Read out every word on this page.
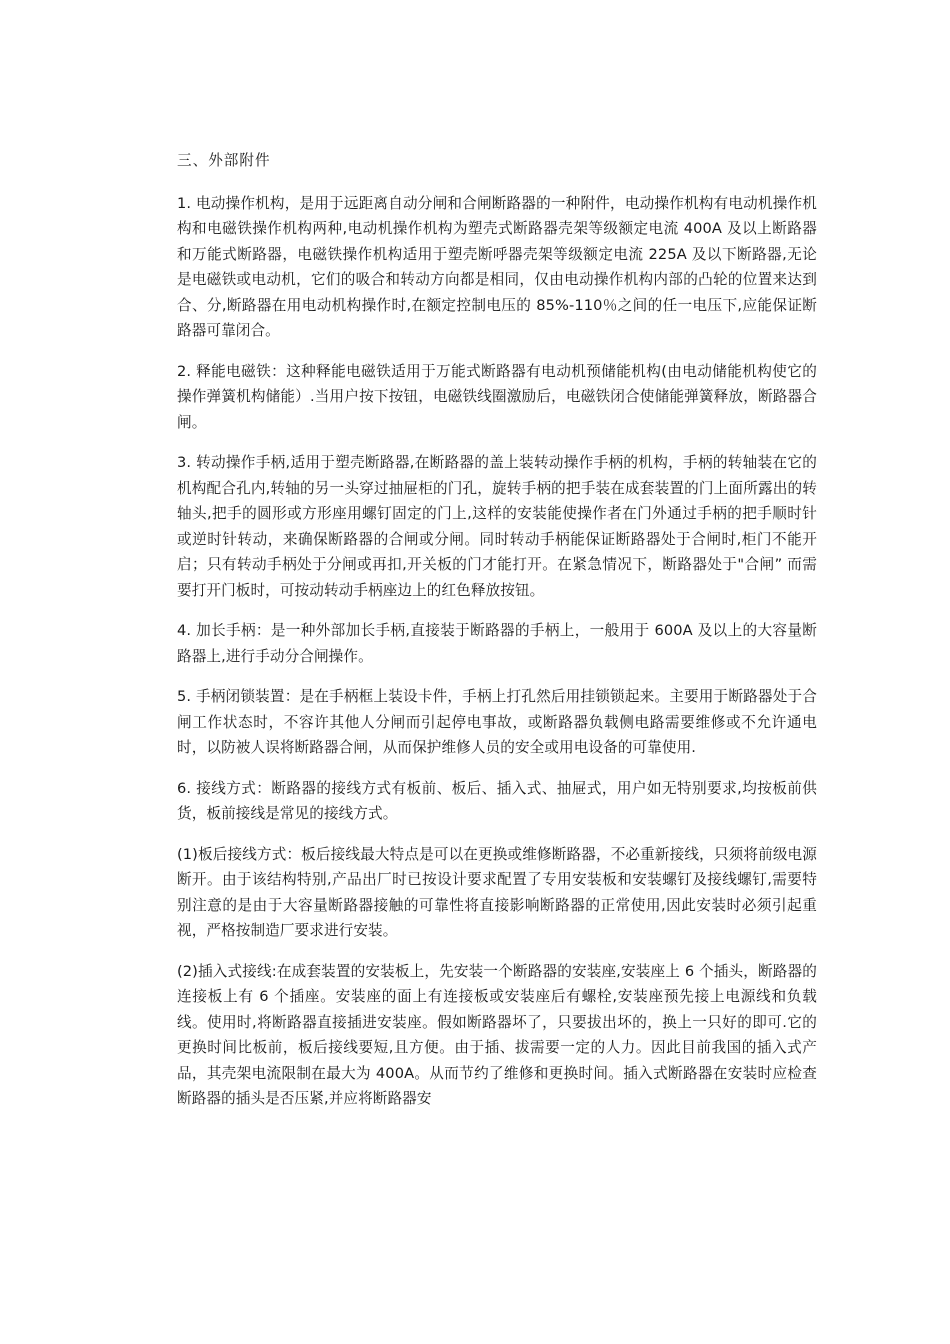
三、外部附件

1. 电动操作机构，是用于远距离自动分闸和合闸断路器的一种附件，电动操作机构有电动机操作机构和电磁铁操作机构两种,电动机操作机构为塑壳式断路器壳架等级额定电流 400A 及以上断路器和万能式断路器，电磁铁操作机构适用于塑壳断呼器壳架等级额定电流 225A 及以下断路器,无论是电磁铁或电动机，它们的吸合和转动方向都是相同，仅由电动操作机构内部的凸轮的位置来达到合、分,断路器在用电动机构操作时,在额定控制电压的 85%-110％之间的任一电压下,应能保证断路器可靠闭合。

2. 释能电磁铁：这种释能电磁铁适用于万能式断路器有电动机预储能机构(由电动储能机构使它的操作弹簧机构储能）.当用户按下按钮，电磁铁线圈激励后，电磁铁闭合使储能弹簧释放，断路器合闸。

3. 转动操作手柄,适用于塑壳断路器,在断路器的盖上装转动操作手柄的机构，手柄的转轴装在它的机构配合孔内,转轴的另一头穿过抽屉柜的门孔，旋转手柄的把手装在成套装置的门上面所露出的转轴头,把手的圆形或方形座用螺钉固定的门上,这样的安装能使操作者在门外通过手柄的把手顺时针或逆时针转动，来确保断路器的合闸或分闸。同时转动手柄能保证断路器处于合闸时,柜门不能开启；只有转动手柄处于分闸或再扣,开关板的门才能打开。在紧急情况下，断路器处于"合闸” 而需要打开门板时，可按动转动手柄座边上的红色释放按钮。

4. 加长手柄：是一种外部加长手柄,直接装于断路器的手柄上，一般用于 600A 及以上的大容量断路器上,进行手动分合闸操作。

5. 手柄闭锁装置：是在手柄框上装设卡件，手柄上打孔然后用挂锁锁起来。主要用于断路器处于合闸工作状态时，不容许其他人分闸而引起停电事故，或断路器负载侧电路需要维修或不允许通电时，以防被人误将断路器合闸，从而保护维修人员的安全或用电设备的可靠使用.

6. 接线方式：断路器的接线方式有板前、板后、插入式、抽屉式，用户如无特别要求,均按板前供货，板前接线是常见的接线方式。

(1)板后接线方式：板后接线最大特点是可以在更换或维修断路器，不必重新接线，只须将前级电源断开。由于该结构特别,产品出厂时已按设计要求配置了专用安装板和安装螺钉及接线螺钉,需要特别注意的是由于大容量断路器接触的可靠性将直接影响断路器的正常使用,因此安装时必须引起重视，严格按制造厂要求进行安装。

(2)插入式接线:在成套装置的安装板上，先安装一个断路器的安装座,安装座上 6 个插头，断路器的连接板上有 6 个插座。安装座的面上有连接板或安装座后有螺栓,安装座预先接上电源线和负载线。使用时,将断路器直接插进安装座。假如断路器坏了，只要拔出坏的，换上一只好的即可.它的更换时间比板前，板后接线要短,且方便。由于插、拔需要一定的人力。因此目前我国的插入式产品，其壳架电流限制在最大为 400A。从而节约了维修和更换时间。插入式断路器在安装时应检查断路器的插头是否压紧,并应将断路器安
